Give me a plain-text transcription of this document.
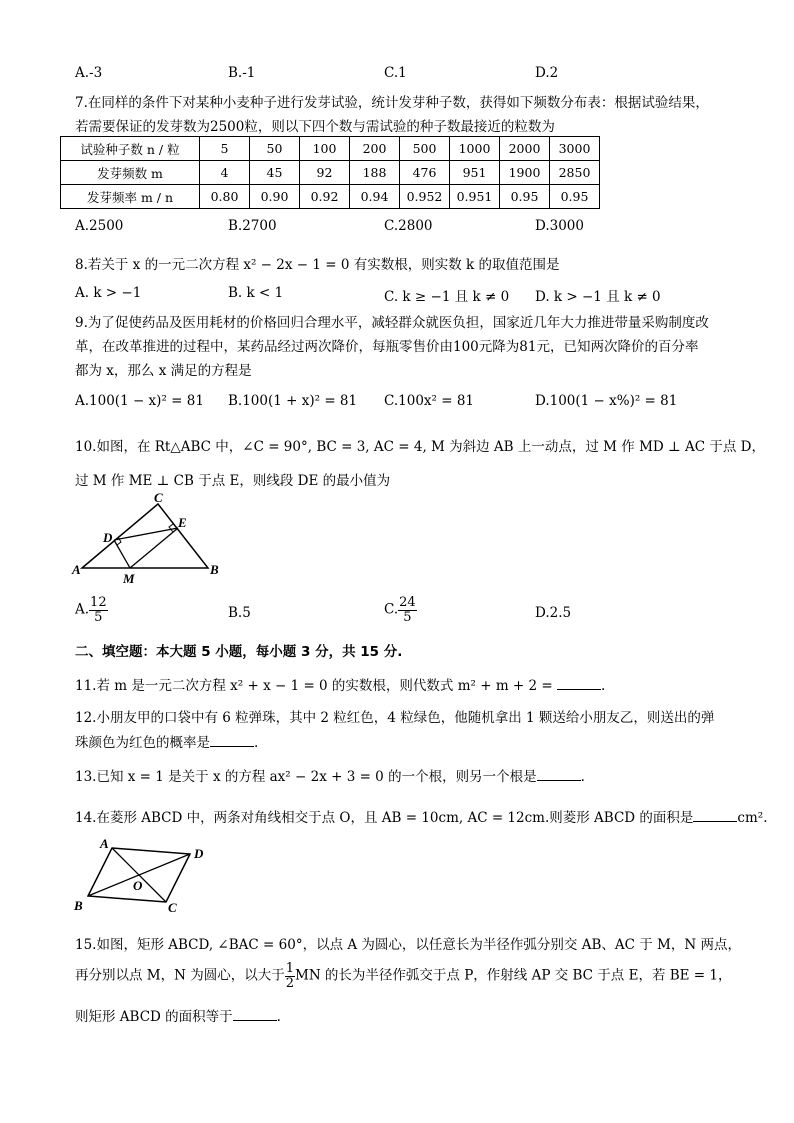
A.-3	B.-1	C.1	D.2
7.在同样的条件下对某种小麦种子进行发芽试验，统计发芽种子数，获得如下频数分布表：根据试验结果，
若需要保证的发芽数为2500粒，则以下四个数与需试验的种子数最接近的粒数为
试验种子数 n / 粒	5	50	100	200	500	1000	2000	3000
发芽频数 m	4	45	92	188	476	951	1900	2850
发芽频率 m / n	0.80	0.90	0.92	0.94	0.952	0.951	0.95	0.95
A.2500	B.2700	C.2800	D.3000
8.若关于 x 的一元二次方程 x² − 2x − 1 = 0 有实数根，则实数 k 的取值范围是
A. k > −1	B. k < 1	C. k ≥ −1 且 k ≠ 0 D. k > −1 且 k ≠ 0
9.为了促使药品及医用耗材的价格回归合理水平，减轻群众就医负担，国家近几年大力推进带量采购制度改
革，在改革推进的过程中，某药品经过两次降价，每瓶零售价由100元降为81元，已知两次降价的百分率
都为 x，那么 x 满足的方程是
A.100(1 − x)² = 81 B.100(1 + x)² = 81 C.100x² = 81	D.100(1 − x%)² = 81
10.如图，在 Rt△ABC 中，∠C = 90°, BC = 3, AC = 4, M 为斜边 AB 上一动点，过 M 作 MD ⊥ AC 于点 D，
过 M 作 ME ⊥ CB 于点 E，则线段 DE 的最小值为
A	B
C
D
E
M
A. $\frac{12}{5}$	B.5	C. $\frac{24}{5}$	D.2.5
二、填空题：本大题 5 小题，每小题 3 分，共 15 分.
11.若 m 是一元二次方程 x² + x − 1 = 0 的实数根，则代数式 m² + m + 2 =	.
12.小朋友甲的口袋中有 6 粒弹珠，其中 2 粒红色，4 粒绿色，他随机拿出 1 颗送给小朋友乙，则送出的弹
珠颜色为红色的概率是	.
13.已知 x = 1 是关于 x 的方程 ax² − 2x + 3 = 0 的一个根，则另一个根是	.
14.在菱形 ABCD 中，两条对角线相交于点 O，且 AB = 10cm, AC = 12cm.则菱形 ABCD 的面积是	cm².
A
B	C
D
O
15.如图，矩形 ABCD, ∠BAC = 60°，以点 A 为圆心，以任意长为半径作弧分别交 AB、AC 于 M，N 两点，
再分别以点 M，N 为圆心，以大于 $\frac{1}{2}$ MN 的长为半径作弧交于点 P，作射线 AP 交 BC 于点 E，若 BE = 1，
则矩形 ABCD 的面积等于	.
